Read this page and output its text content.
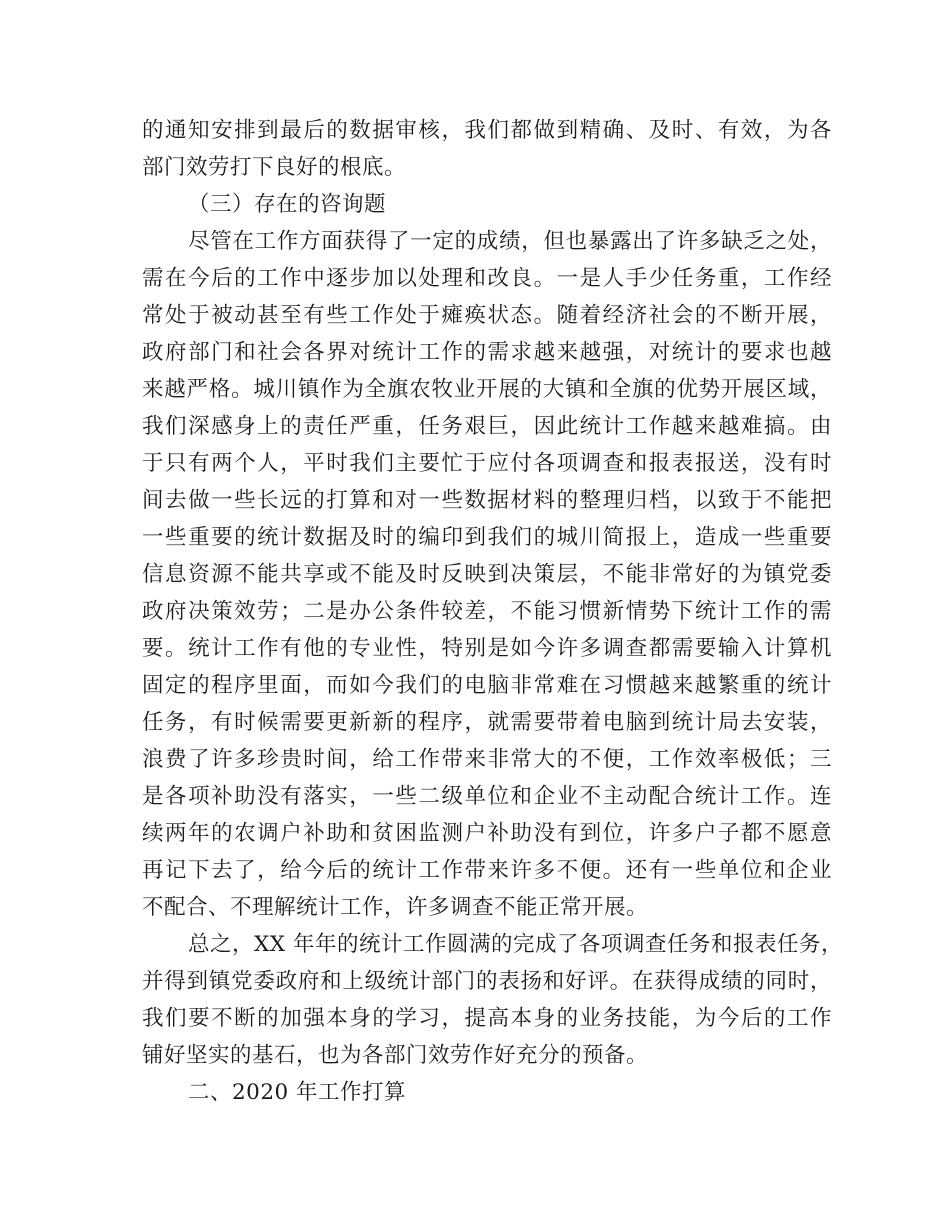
的通知安排到最后的数据审核，我们都做到精确、及时、有效，为各
部门效劳打下良好的根底。
（三）存在的咨询题
尽管在工作方面获得了一定的成绩，但也暴露出了许多缺乏之处，
需在今后的工作中逐步加以处理和改良。一是人手少任务重，工作经
常处于被动甚至有些工作处于瘫痪状态。随着经济社会的不断开展，
政府部门和社会各界对统计工作的需求越来越强，对统计的要求也越
来越严格。城川镇作为全旗农牧业开展的大镇和全旗的优势开展区域，
我们深感身上的责任严重，任务艰巨，因此统计工作越来越难搞。由
于只有两个人，平时我们主要忙于应付各项调查和报表报送，没有时
间去做一些长远的打算和对一些数据材料的整理归档，以致于不能把
一些重要的统计数据及时的编印到我们的城川简报上，造成一些重要
信息资源不能共享或不能及时反映到决策层，不能非常好的为镇党委
政府决策效劳；二是办公条件较差，不能习惯新情势下统计工作的需
要。统计工作有他的专业性，特别是如今许多调查都需要输入计算机
固定的程序里面，而如今我们的电脑非常难在习惯越来越繁重的统计
任务，有时候需要更新新的程序，就需要带着电脑到统计局去安装，
浪费了许多珍贵时间，给工作带来非常大的不便，工作效率极低；三
是各项补助没有落实，一些二级单位和企业不主动配合统计工作。连
续两年的农调户补助和贫困监测户补助没有到位，许多户子都不愿意
再记下去了，给今后的统计工作带来许多不便。还有一些单位和企业
不配合、不理解统计工作，许多调查不能正常开展。
总之，XX 年年的统计工作圆满的完成了各项调查任务和报表任务，
并得到镇党委政府和上级统计部门的表扬和好评。在获得成绩的同时，
我们要不断的加强本身的学习，提高本身的业务技能，为今后的工作
铺好坚实的基石，也为各部门效劳作好充分的预备。
二、2020 年工作打算
